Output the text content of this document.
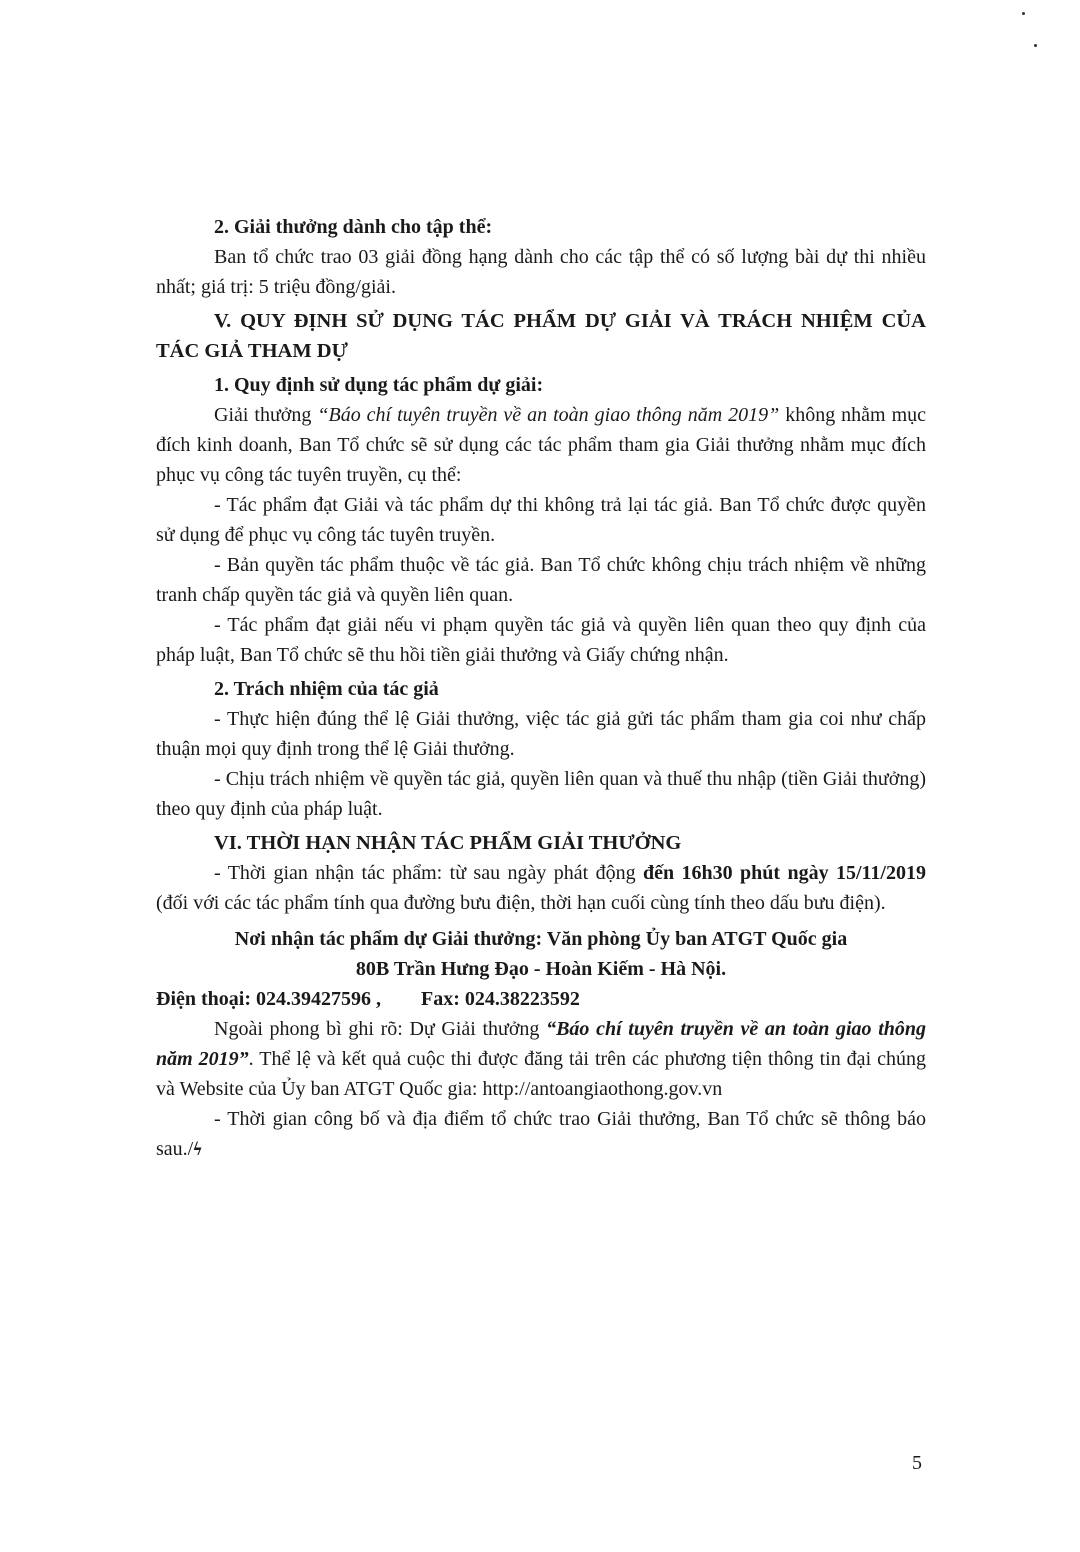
2. Giải thưởng dành cho tập thể:

Ban tổ chức trao 03 giải đồng hạng dành cho các tập thể có số lượng bài dự thi nhiều nhất; giá trị: 5 triệu đồng/giải.

V. QUY ĐỊNH SỬ DỤNG TÁC PHẨM DỰ GIẢI VÀ TRÁCH NHIỆM CỦA TÁC GIẢ THAM DỰ

1. Quy định sử dụng tác phẩm dự giải:

Giải thưởng “Báo chí tuyên truyền về an toàn giao thông năm 2019” không nhằm mục đích kinh doanh, Ban Tổ chức sẽ sử dụng các tác phẩm tham gia Giải thưởng nhằm mục đích phục vụ công tác tuyên truyền, cụ thể:

- Tác phẩm đạt Giải và tác phẩm dự thi không trả lại tác giả. Ban Tổ chức được quyền sử dụng để phục vụ công tác tuyên truyền.

- Bản quyền tác phẩm thuộc về tác giả. Ban Tổ chức không chịu trách nhiệm về những tranh chấp quyền tác giả và quyền liên quan.

- Tác phẩm đạt giải nếu vi phạm quyền tác giả và quyền liên quan theo quy định của pháp luật, Ban Tổ chức sẽ thu hồi tiền giải thưởng và Giấy chứng nhận.

2. Trách nhiệm của tác giả

- Thực hiện đúng thể lệ Giải thưởng, việc tác giả gửi tác phẩm tham gia coi như chấp thuận mọi quy định trong thể lệ Giải thưởng.

- Chịu trách nhiệm về quyền tác giả, quyền liên quan và thuế thu nhập (tiền Giải thưởng) theo quy định của pháp luật.

VI. THỜI HẠN NHẬN TÁC PHẨM GIẢI THƯỞNG

- Thời gian nhận tác phẩm: từ sau ngày phát động đến 16h30 phút ngày 15/11/2019 (đối với các tác phẩm tính qua đường bưu điện, thời hạn cuối cùng tính theo dấu bưu điện).

Nơi nhận tác phẩm dự Giải thưởng: Văn phòng Ủy ban ATGT Quốc gia

80B Trần Hưng Đạo - Hoàn Kiếm - Hà Nội.

Điện thoại: 024.39427596 , Fax: 024.38223592

Ngoài phong bì ghi rõ: Dự Giải thưởng “Báo chí tuyên truyền về an toàn giao thông năm 2019”. Thể lệ và kết quả cuộc thi được đăng tải trên các phương tiện thông tin đại chúng và Website của Ủy ban ATGT Quốc gia: http://antoangiaothong.gov.vn

- Thời gian công bố và địa điểm tổ chức trao Giải thưởng, Ban Tổ chức sẽ thông báo sau./ϟ

5
